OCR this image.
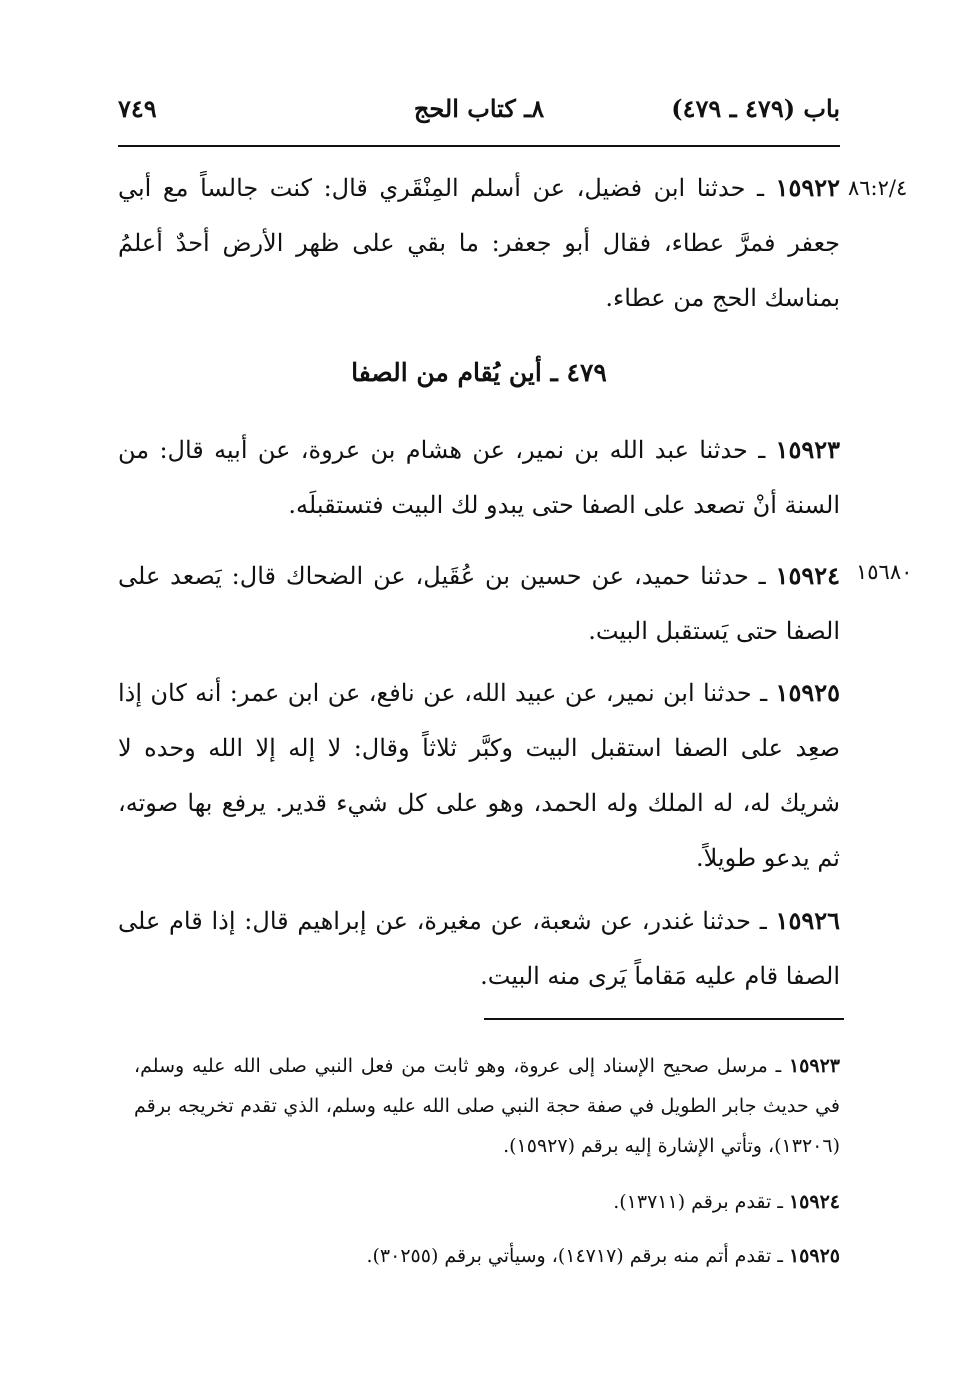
باب (٤٧٩ ـ ٤٧٩)
٨ـ كتاب الحج
٧٤٩
٨٦:٢/٤
١٥٦٨٠
١٥٩٢٢ ـ حدثنا ابن فضيل، عن أسلم المِنْقَري قال: كنت جالساً مع أبي جعفر فمرَّ عطاء، فقال أبو جعفر: ما بقي على ظهر الأرض أحدٌ أعلمُ بمناسك الحج من عطاء.
٤٧٩ ـ أين يُقام من الصفا
١٥٩٢٣ ـ حدثنا عبد الله بن نمير، عن هشام بن عروة، عن أبيه قال: من السنة أنْ تصعد على الصفا حتى يبدو لك البيت فتستقبلَه.
١٥٩٢٤ ـ حدثنا حميد، عن حسين بن عُقَيل، عن الضحاك قال: يَصعد على الصفا حتى يَستقبل البيت.
١٥٩٢٥ ـ حدثنا ابن نمير، عن عبيد الله، عن نافع، عن ابن عمر: أنه كان إذا صعِد على الصفا استقبل البيت وكبَّر ثلاثاً وقال: لا إله إلا الله وحده لا شريك له، له الملك وله الحمد، وهو على كل شيء قدير. يرفع بها صوته، ثم يدعو طويلاً.
١٥٩٢٦ ـ حدثنا غندر، عن شعبة، عن مغيرة، عن إبراهيم قال: إذا قام على الصفا قام عليه مَقاماً يَرى منه البيت.
١٥٩٢٣ ـ مرسل صحيح الإسناد إلى عروة، وهو ثابت من فعل النبي صلى الله عليه وسلم، في حديث جابر الطويل في صفة حجة النبي صلى الله عليه وسلم، الذي تقدم تخريجه برقم (١٣٢٠٦)، وتأتي الإشارة إليه برقم (١٥٩٢٧).
١٥٩٢٤ ـ تقدم برقم (١٣٧١١).
١٥٩٢٥ ـ تقدم أتم منه برقم (١٤٧١٧)، وسيأتي برقم (٣٠٢٥٥).
